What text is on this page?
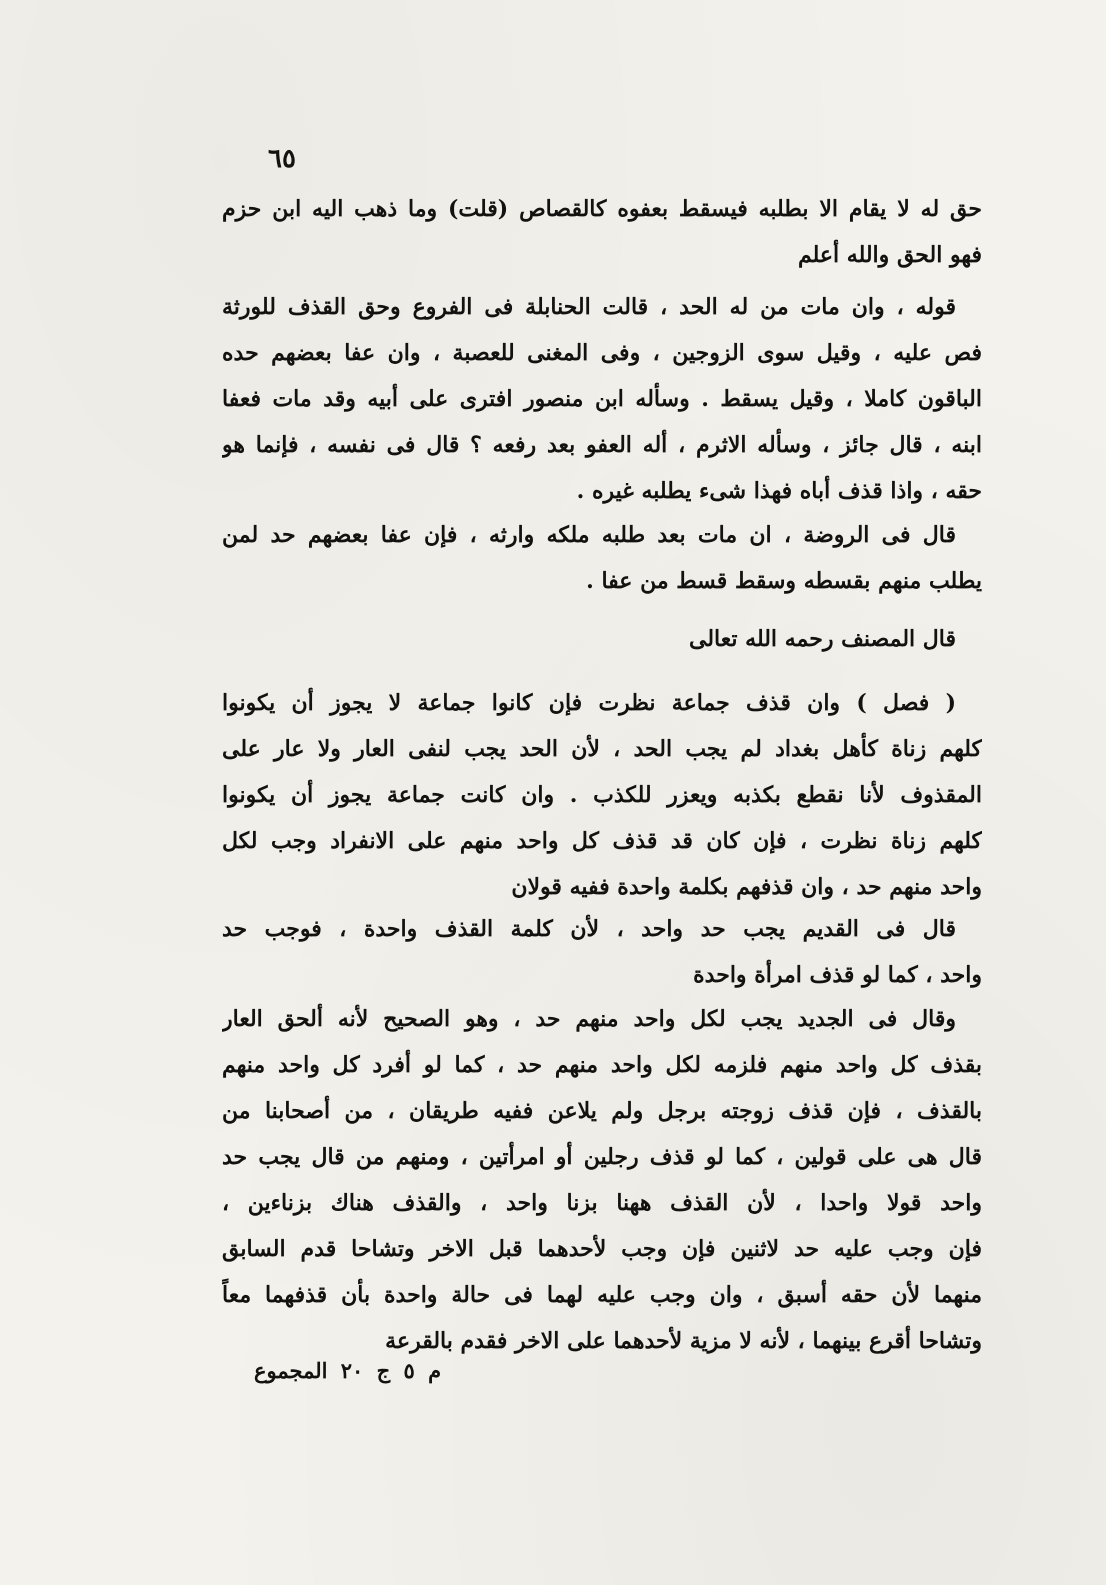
٦٥
حق له لا يقام الا بطلبه فيسقط بعفوه كالقصاص (قلت) وما ذهب اليه ابن حزم
فهو الحق والله أعلم
قوله ، وان مات من له الحد ، قالت الحنابلة فى الفروع وحق القذف للورثة
فص عليه ، وقيل سوى الزوجين ، وفى المغنى للعصبة ، وان عفا بعضهم حده
الباقون كاملا ، وقيل يسقط . وسأله ابن منصور افترى على أبيه وقد مات فعفا
ابنه ، قال جائز ، وسأله الاثرم ، أله العفو بعد رفعه ؟ قال فى نفسه ، فإنما هو
حقه ، واذا قذف أباه فهذا شىء يطلبه غيره .
قال فى الروضة ، ان مات بعد طلبه ملكه وارثه ، فإن عفا بعضهم حد لمن
يطلب منهم بقسطه وسقط قسط من عفا .
قال المصنف رحمه الله تعالى
( فصل ) وان قذف جماعة نظرت فإن كانوا جماعة لا يجوز أن يكونوا
كلهم زناة كأهل بغداد لم يجب الحد ، لأن الحد يجب لنفى العار ولا عار على
المقذوف لأنا نقطع بكذبه ويعزر للكذب . وان كانت جماعة يجوز أن يكونوا
كلهم زناة نظرت ، فإن كان قد قذف كل واحد منهم على الانفراد وجب لكل
واحد منهم حد ، وان قذفهم بكلمة واحدة ففيه قولان
قال فى القديم يجب حد واحد ، لأن كلمة القذف واحدة ، فوجب حد
واحد ، كما لو قذف امرأة واحدة
وقال فى الجديد يجب لكل واحد منهم حد ، وهو الصحيح لأنه ألحق العار
بقذف كل واحد منهم فلزمه لكل واحد منهم حد ، كما لو أفرد كل واحد منهم
بالقذف ، فإن قذف زوجته برجل ولم يلاعن ففيه طريقان ، من أصحابنا من
قال هى على قولين ، كما لو قذف رجلين أو امرأتين ، ومنهم من قال يجب حد
واحد قولا واحدا ، لأن القذف ههنا بزنا واحد ، والقذف هناك بزناءين ،
فإن وجب عليه حد لاثنين فإن وجب لأحدهما قبل الاخر وتشاحا قدم السابق
منهما لأن حقه أسبق ، وان وجب عليه لهما فى حالة واحدة بأن قذفهما معاً
وتشاحا أقرع بينهما ، لأنه لا مزية لأحدهما على الاخر فقدم بالقرعة
م ٥ ج ٢٠ المجموع
